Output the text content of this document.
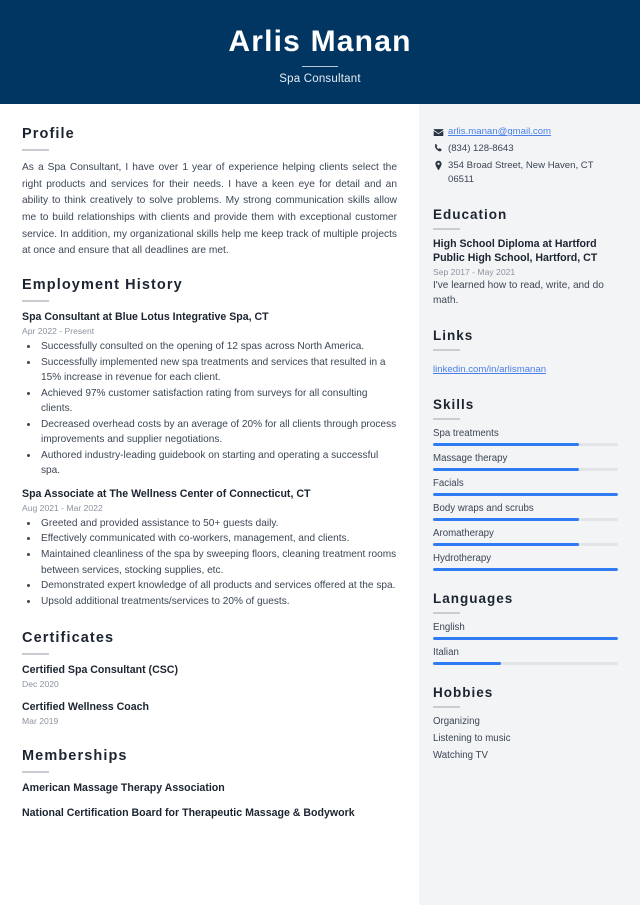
Arlis Manan
Spa Consultant
Profile
As a Spa Consultant, I have over 1 year of experience helping clients select the right products and services for their needs. I have a keen eye for detail and an ability to think creatively to solve problems. My strong communication skills allow me to build relationships with clients and provide them with exceptional customer service. In addition, my organizational skills help me keep track of multiple projects at once and ensure that all deadlines are met.
Employment History
Spa Consultant at Blue Lotus Integrative Spa, CT
Apr 2022 - Present
• Successfully consulted on the opening of 12 spas across North America.
• Successfully implemented new spa treatments and services that resulted in a 15% increase in revenue for each client.
• Achieved 97% customer satisfaction rating from surveys for all consulting clients.
• Decreased overhead costs by an average of 20% for all clients through process improvements and supplier negotiations.
• Authored industry-leading guidebook on starting and operating a successful spa.
Spa Associate at The Wellness Center of Connecticut, CT
Aug 2021 - Mar 2022
• Greeted and provided assistance to 50+ guests daily.
• Effectively communicated with co-workers, management, and clients.
• Maintained cleanliness of the spa by sweeping floors, cleaning treatment rooms between services, stocking supplies, etc.
• Demonstrated expert knowledge of all products and services offered at the spa.
• Upsold additional treatments/services to 20% of guests.
Certificates
Certified Spa Consultant (CSC)
Dec 2020
Certified Wellness Coach
Mar 2019
Memberships
American Massage Therapy Association
National Certification Board for Therapeutic Massage & Bodywork
arlis.manan@gmail.com
(834) 128-8643
354 Broad Street, New Haven, CT 06511
Education
High School Diploma at Hartford Public High School, Hartford, CT
Sep 2017 - May 2021
I've learned how to read, write, and do math.
Links
linkedin.com/in/arlismanan
Skills
Spa treatments
Massage therapy
Facials
Body wraps and scrubs
Aromatherapy
Hydrotherapy
Languages
English
Italian
Hobbies
Organizing
Listening to music
Watching TV
